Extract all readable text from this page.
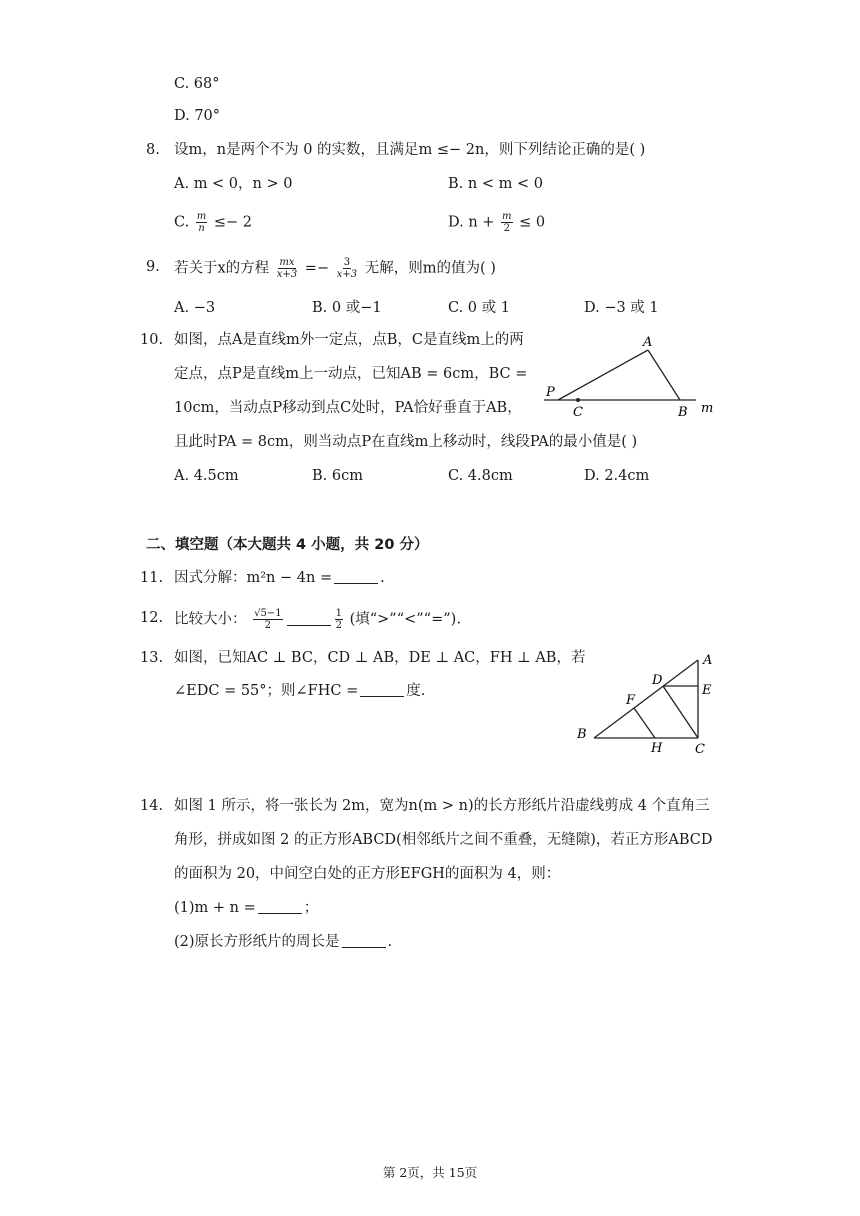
C. 68°
D. 70°
8. 设m，n是两个不为 0 的实数，且满足m ≤− 2n，则下列结论正确的是( )
A. m < 0，n > 0	B. n < m < 0
C. $\frac{m}{n} \le- 2$	D. $n + \frac{m}{2} \le 0$
9. 若关于x的方程 $\frac{mx}{x+3} =- \frac{3}{x+3}$ 无解，则m的值为( )
A. −3	B. 0 或−1	C. 0 或 1	D. −3 或 1
10. 如图，点A是直线m外一定点，点B，C是直线m上的两
定点，点P是直线m上一动点，已知AB = 6cm，BC =
10cm，当动点P移动到点C处时，PA恰好垂直于AB，
且此时PA = 8cm，则当动点P在直线m上移动时，线段PA的最小值是( )
A. 4.5cm	B. 6cm	C. 4.8cm	D. 2.4cm
A
P
C	B m
二、填空题（本大题共 4 小题，共 20 分）
11. 因式分解：m²n − 4n =	.
12. 比较大小： $\frac{√5-1}{2}$	$\frac{1}{2}$ (填“>”“<”“=”).
13. 如图，已知AC ⊥ BC，CD ⊥ AB，DE ⊥ AC，FH ⊥ AB，若
∠EDC = 55°；则∠FHC =	度.
A
D
E
F
B
H	C
14. 如图 1 所示，将一张长为 2m，宽为n(m > n)的长方形纸片沿虚线剪成 4 个直角三
角形，拼成如图 2 的正方形ABCD(相邻纸片之间不重叠，无缝隙)，若正方形ABCD
的面积为 20，中间空白处的正方形EFGH的面积为 4，则：
(1)m + n =	；
(2)原长方形纸片的周长是	.
第 2页，共 15页
